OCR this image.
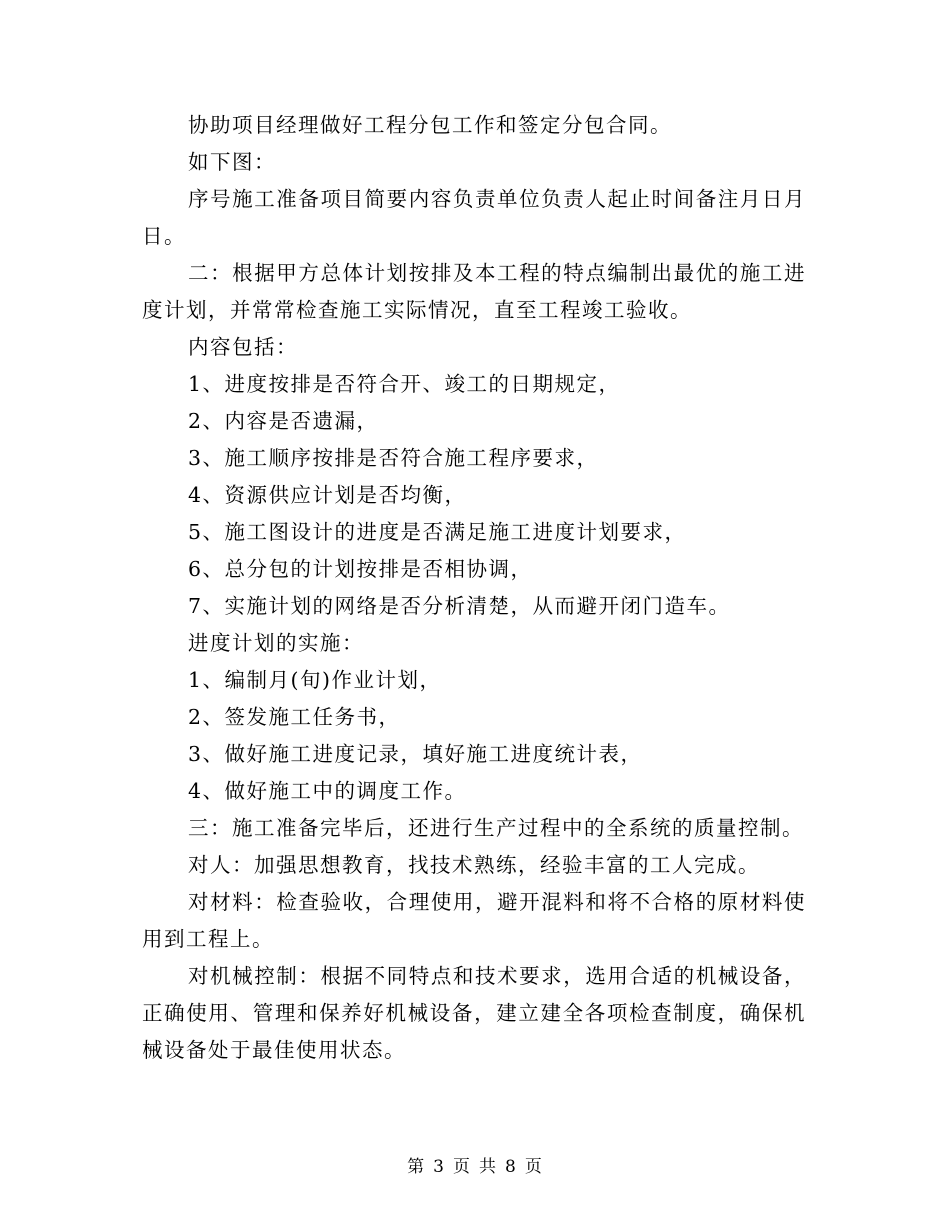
协助项目经理做好工程分包工作和签定分包合同。

如下图：

序号施工准备项目简要内容负责单位负责人起止时间备注月日月日。

二：根据甲方总体计划按排及本工程的特点编制出最优的施工进度计划，并常常检查施工实际情况，直至工程竣工验收。

内容包括：

1、进度按排是否符合开、竣工的日期规定，

2、内容是否遗漏，

3、施工顺序按排是否符合施工程序要求，

4、资源供应计划是否均衡，

5、施工图设计的进度是否满足施工进度计划要求，

6、总分包的计划按排是否相协调，

7、实施计划的网络是否分析清楚，从而避开闭门造车。

进度计划的实施：

1、编制月(旬)作业计划，

2、签发施工任务书，

3、做好施工进度记录，填好施工进度统计表，

4、做好施工中的调度工作。

三：施工准备完毕后，还进行生产过程中的全系统的质量控制。

对人：加强思想教育，找技术熟练，经验丰富的工人完成。

对材料：检查验收，合理使用，避开混料和将不合格的原材料使用到工程上。

对机械控制：根据不同特点和技术要求，选用合适的机械设备，正确使用、管理和保养好机械设备，建立建全各项检查制度，确保机械设备处于最佳使用状态。

第 3 页 共 8 页
